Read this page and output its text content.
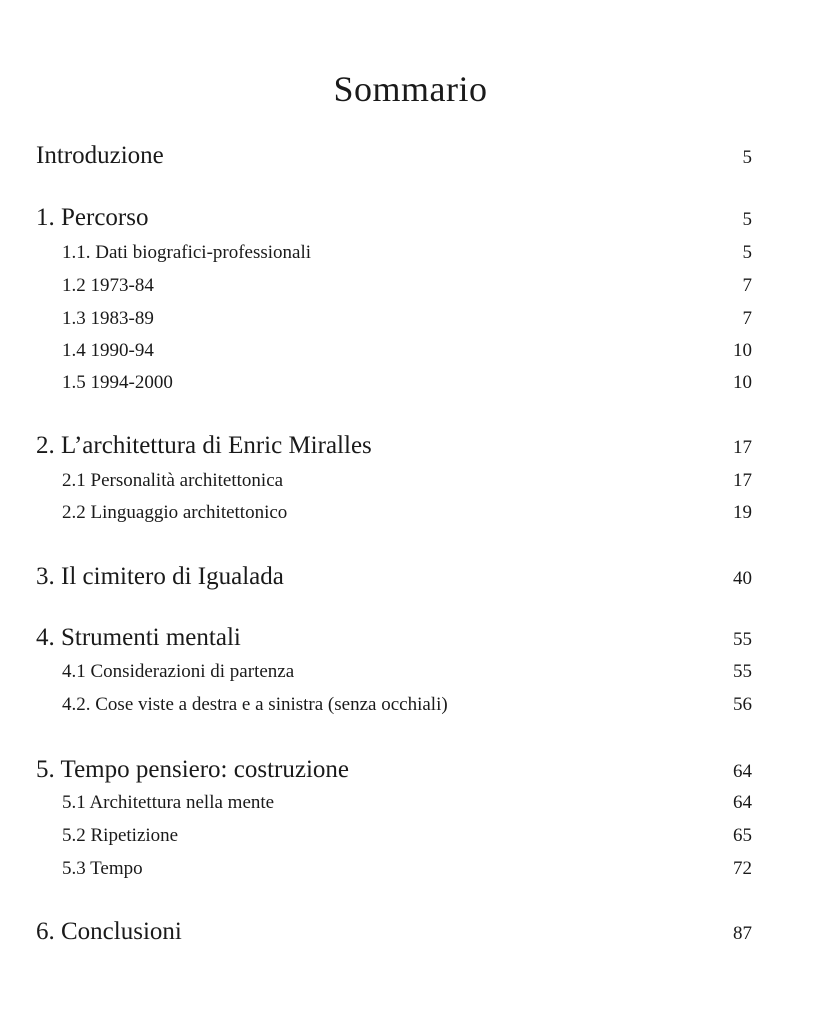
Sommario
Introduzione	5
1. Percorso	5
1.1. Dati biografici-professionali	5
1.2 1973-84	7
1.3 1983-89	7
1.4 1990-94	10
1.5 1994-2000	10
2. L’architettura di Enric Miralles	17
2.1 Personalità architettonica	17
2.2 Linguaggio architettonico	19
3. Il cimitero di Igualada	40
4. Strumenti mentali	55
4.1 Considerazioni di partenza	55
4.2. Cose viste a destra e a sinistra (senza occhiali)	56
5. Tempo pensiero: costruzione	64
5.1 Architettura nella mente	64
5.2 Ripetizione	65
5.3 Tempo	72
6. Conclusioni	87
